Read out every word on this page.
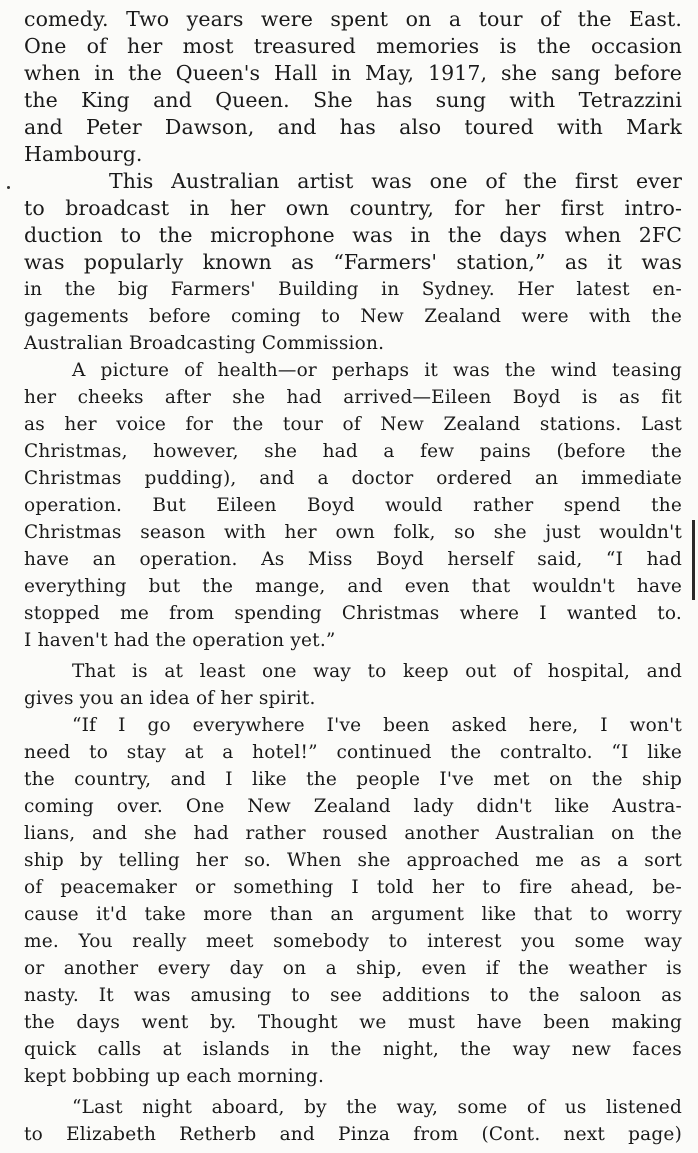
comedy. Two years were spent on a tour of the East.
One of her most treasured memories is the occasion
when in the Queen's Hall in May, 1917, she sang before
the King and Queen. She has sung with Tetrazzini
and Peter Dawson, and has also toured with Mark
Hambourg.
This Australian artist was one of the first ever
to broadcast in her own country, for her first intro-
duction to the microphone was in the days when 2FC
was popularly known as “Farmers' station,” as it was
in the big Farmers' Building in Sydney. Her latest en-
gagements before coming to New Zealand were with the
Australian Broadcasting Commission.
A picture of health—or perhaps it was the wind teasing
her cheeks after she had arrived—Eileen Boyd is as fit
as her voice for the tour of New Zealand stations. Last
Christmas, however, she had a few pains (before the
Christmas pudding), and a doctor ordered an immediate
operation. But Eileen Boyd would rather spend the
Christmas season with her own folk, so she just wouldn't
have an operation. As Miss Boyd herself said, “I had
everything but the mange, and even that wouldn't have
stopped me from spending Christmas where I wanted to.
I haven't had the operation yet.”
That is at least one way to keep out of hospital, and
gives you an idea of her spirit.
“If I go everywhere I've been asked here, I won't
need to stay at a hotel!” continued the contralto. “I like
the country, and I like the people I've met on the ship
coming over. One New Zealand lady didn't like Austra-
lians, and she had rather roused another Australian on the
ship by telling her so. When she approached me as a sort
of peacemaker or something I told her to fire ahead, be-
cause it'd take more than an argument like that to worry
me. You really meet somebody to interest you some way
or another every day on a ship, even if the weather is
nasty. It was amusing to see additions to the saloon as
the days went by. Thought we must have been making
quick calls at islands in the night, the way new faces
kept bobbing up each morning.
“Last night aboard, by the way, some of us listened
to Elizabeth Retherb and Pinza from (Cont. next page)
